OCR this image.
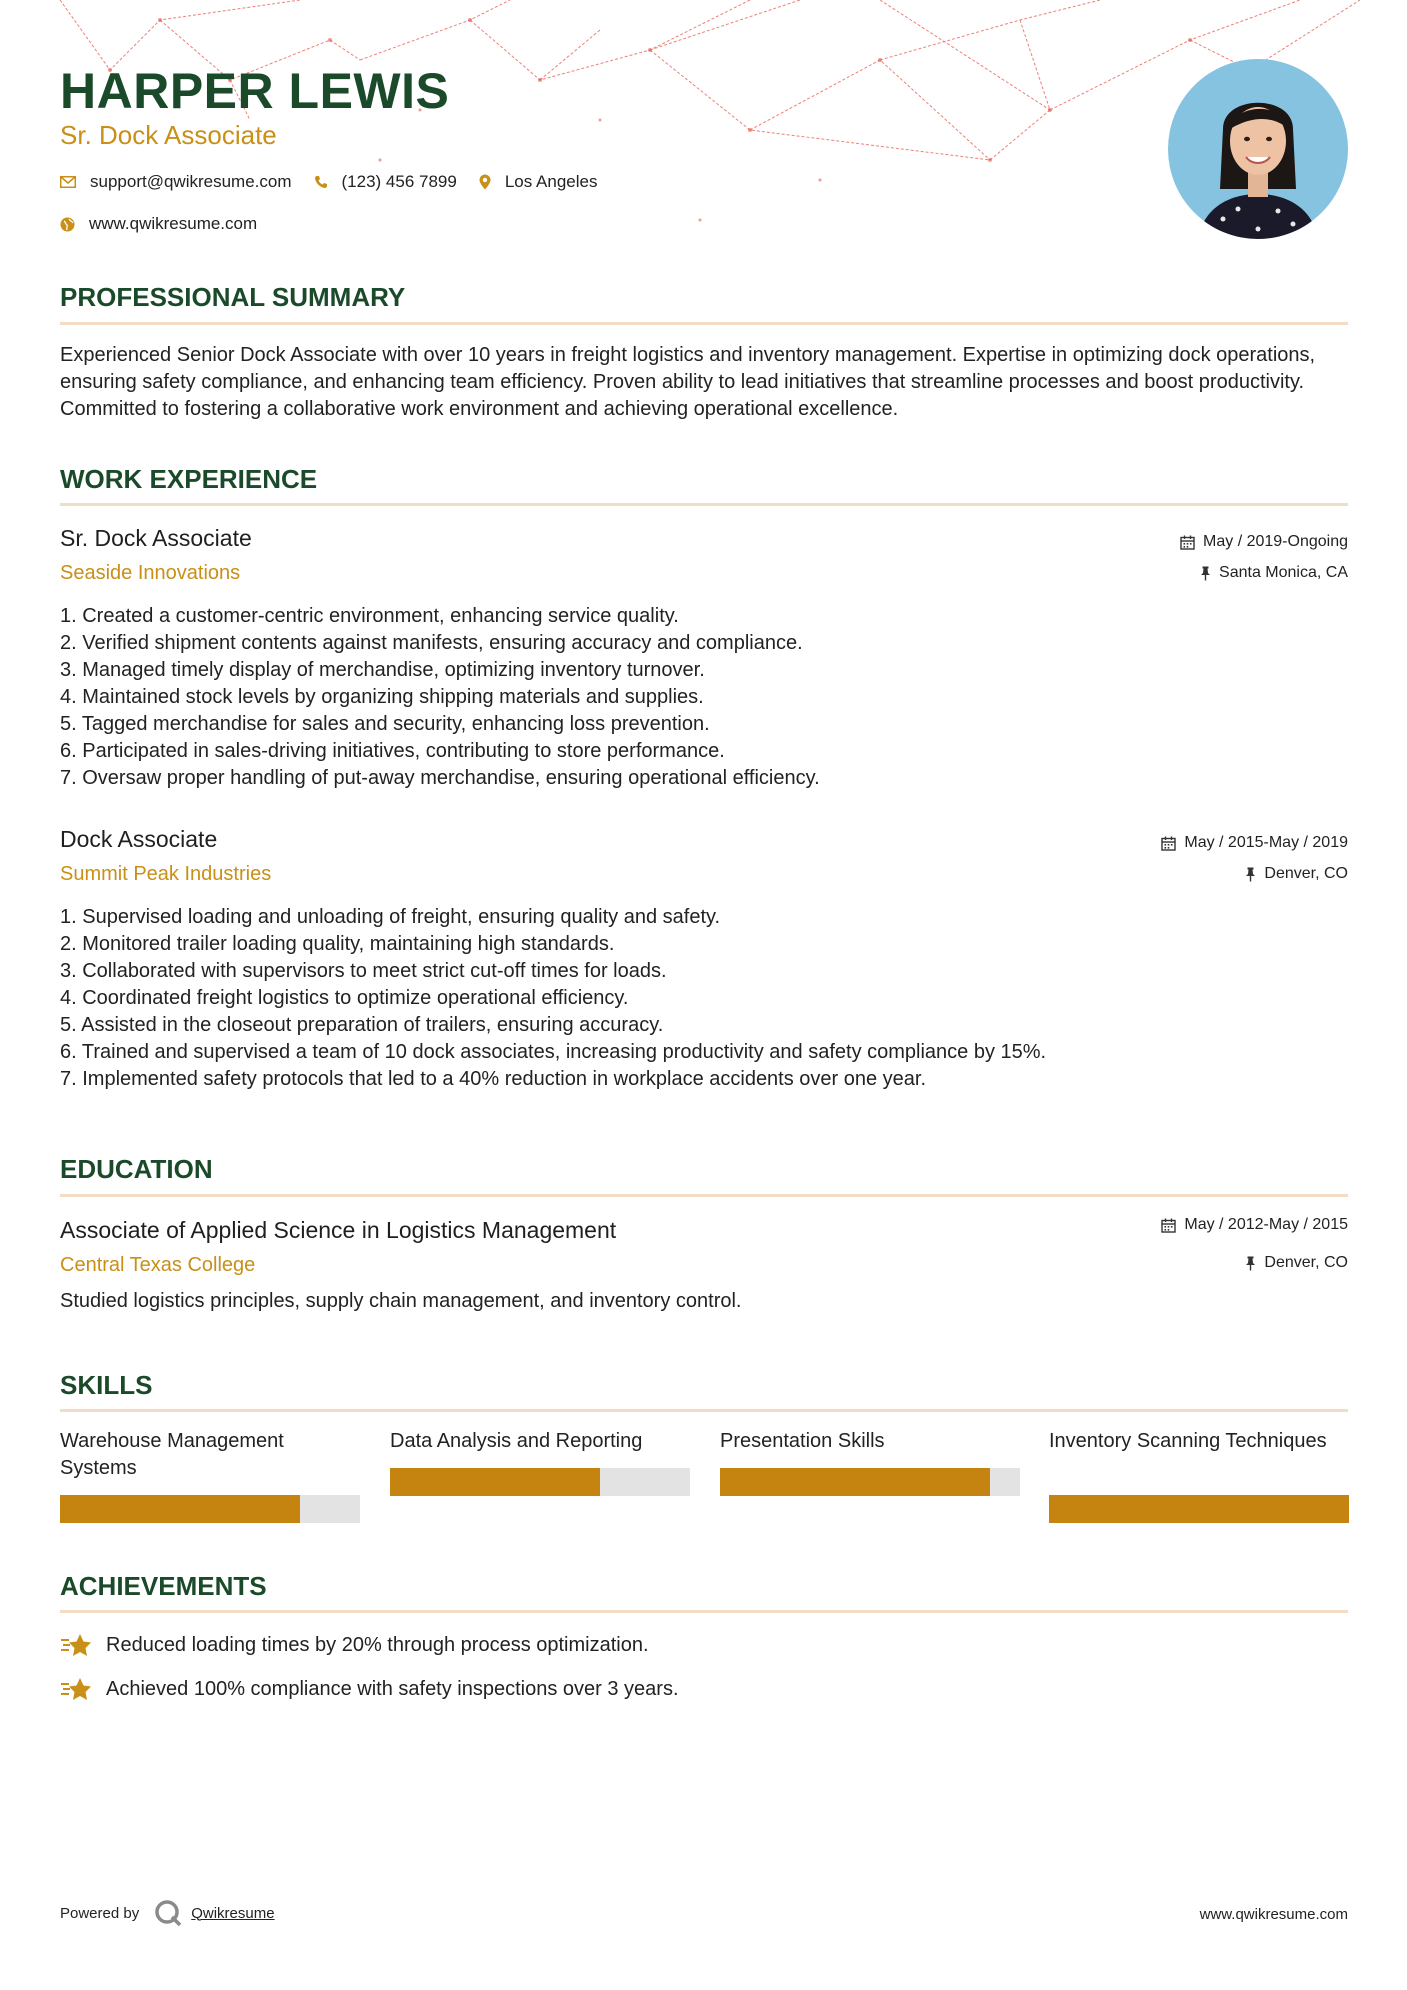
HARPER LEWIS
Sr. Dock Associate
support@qwikresume.com	(123) 456 7899	Los Angeles
www.qwikresume.com
PROFESSIONAL SUMMARY

Experienced Senior Dock Associate with over 10 years in freight logistics and inventory management. Expertise in optimizing dock operations, ensuring safety compliance, and enhancing team efficiency. Proven ability to lead initiatives that streamline processes and boost productivity. Committed to fostering a collaborative work environment and achieving operational excellence.

WORK EXPERIENCE
Sr. Dock Associate
Seaside Innovations
May / 2019-Ongoing
Santa Monica, CA
1. Created a customer-centric environment, enhancing service quality.
2. Verified shipment contents against manifests, ensuring accuracy and compliance.
3. Managed timely display of merchandise, optimizing inventory turnover.
4. Maintained stock levels by organizing shipping materials and supplies.
5. Tagged merchandise for sales and security, enhancing loss prevention.
6. Participated in sales-driving initiatives, contributing to store performance.
7. Oversaw proper handling of put-away merchandise, ensuring operational efficiency.
Dock Associate
Summit Peak Industries
May / 2015-May / 2019
Denver, CO
1. Supervised loading and unloading of freight, ensuring quality and safety.
2. Monitored trailer loading quality, maintaining high standards.
3. Collaborated with supervisors to meet strict cut-off times for loads.
4. Coordinated freight logistics to optimize operational efficiency.
5. Assisted in the closeout preparation of trailers, ensuring accuracy.
6. Trained and supervised a team of 10 dock associates, increasing productivity and safety compliance by 15%.
7. Implemented safety protocols that led to a 40% reduction in workplace accidents over one year.
EDUCATION
Associate of Applied Science in Logistics Management
Central Texas College
May / 2012-May / 2015
Denver, CO
Studied logistics principles, supply chain management, and inventory control.
SKILLS
Warehouse Management Systems
Data Analysis and Reporting	Presentation Skills	Inventory Scanning Techniques
ACHIEVEMENTS
Reduced loading times by 20% through process optimization.
Achieved 100% compliance with safety inspections over 3 years.
Powered by	Qwikresume	www.qwikresume.com
